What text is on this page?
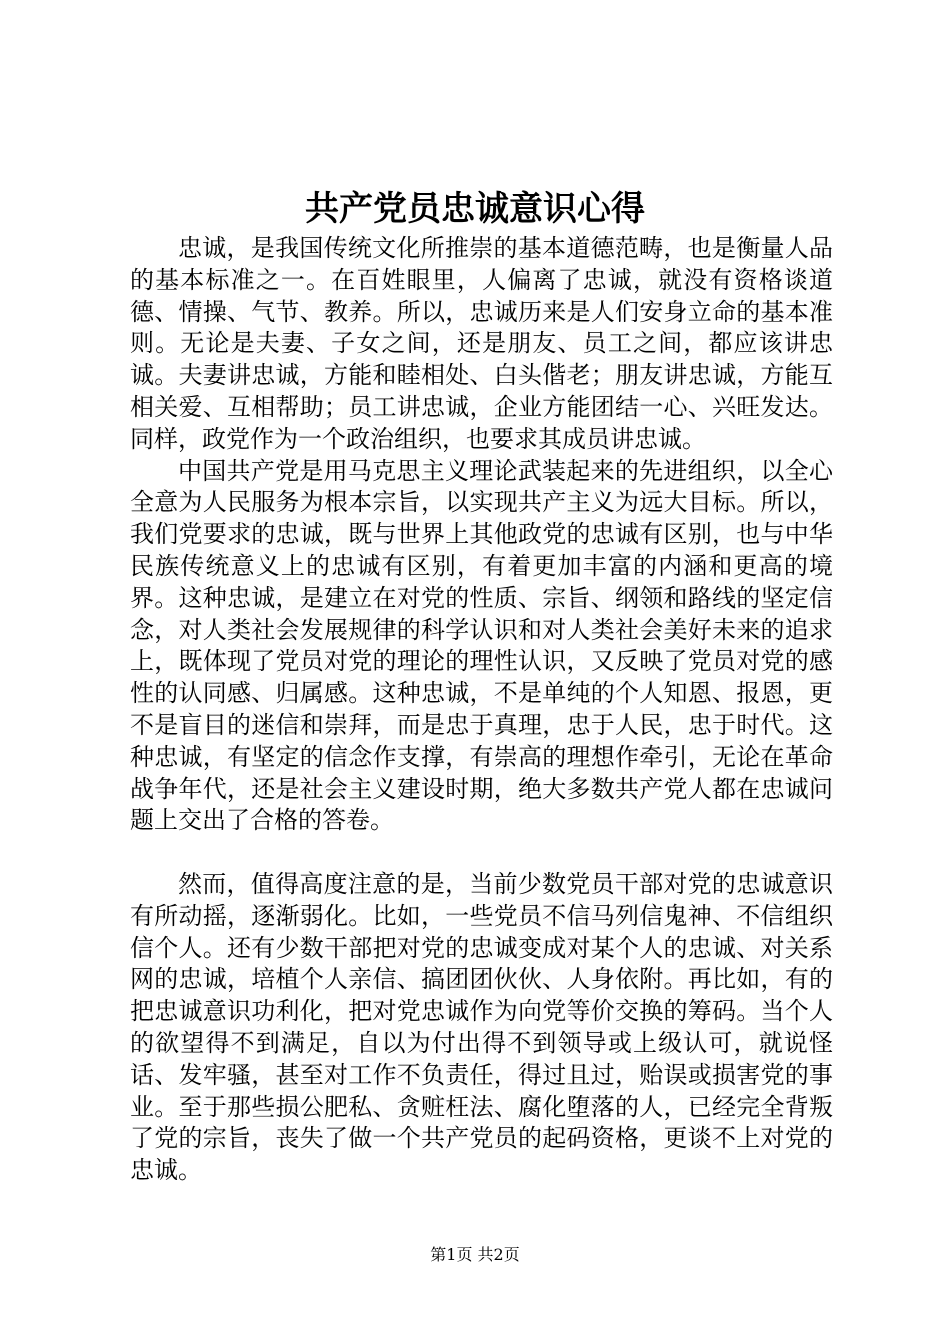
共产党员忠诚意识心得

忠诚，是我国传统文化所推崇的基本道德范畴，也是衡量人品的基本标准之一。在百姓眼里，人偏离了忠诚，就没有资格谈道德、情操、气节、教养。所以，忠诚历来是人们安身立命的基本准则。无论是夫妻、子女之间，还是朋友、员工之间，都应该讲忠诚。夫妻讲忠诚，方能和睦相处、白头偕老；朋友讲忠诚，方能互相关爱、互相帮助；员工讲忠诚，企业方能团结一心、兴旺发达。同样，政党作为一个政治组织，也要求其成员讲忠诚。

中国共产党是用马克思主义理论武装起来的先进组织，以全心全意为人民服务为根本宗旨，以实现共产主义为远大目标。所以，我们党要求的忠诚，既与世界上其他政党的忠诚有区别，也与中华民族传统意义上的忠诚有区别，有着更加丰富的内涵和更高的境界。这种忠诚，是建立在对党的性质、宗旨、纲领和路线的坚定信念，对人类社会发展规律的科学认识和对人类社会美好未来的追求上，既体现了党员对党的理论的理性认识，又反映了党员对党的感性的认同感、归属感。这种忠诚，不是单纯的个人知恩、报恩，更不是盲目的迷信和崇拜，而是忠于真理，忠于人民，忠于时代。这种忠诚，有坚定的信念作支撑，有崇高的理想作牵引，无论在革命战争年代，还是社会主义建设时期，绝大多数共产党人都在忠诚问题上交出了合格的答卷。

然而，值得高度注意的是，当前少数党员干部对党的忠诚意识有所动摇，逐渐弱化。比如，一些党员不信马列信鬼神、不信组织信个人。还有少数干部把对党的忠诚变成对某个人的忠诚、对关系网的忠诚，培植个人亲信、搞团团伙伙、人身依附。再比如，有的把忠诚意识功利化，把对党忠诚作为向党等价交换的筹码。当个人的欲望得不到满足，自以为付出得不到领导或上级认可，就说怪话、发牢骚，甚至对工作不负责任，得过且过，贻误或损害党的事业。至于那些损公肥私、贪赃枉法、腐化堕落的人，已经完全背叛了党的宗旨，丧失了做一个共产党员的起码资格，更谈不上对党的忠诚。

第1页 共2页
